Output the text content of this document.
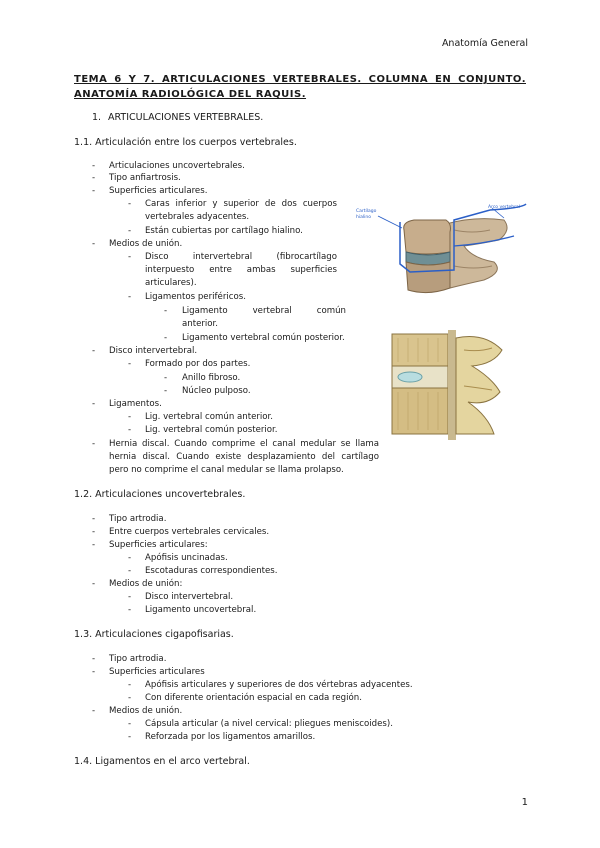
Anatomía General
TEMA 6 Y 7. ARTICULACIONES VERTEBRALES. COLUMNA EN CONJUNTO.
ANATOMÍA RADIOLÓGICA DEL RAQUIS.
1. ARTICULACIONES VERTEBRALES.
1.1. Articulación entre los cuerpos vertebrales.
- Articulaciones uncovertebrales.
- Tipo anfiartrosis.
- Superficies articulares.
- Caras inferior y superior de dos cuerpos
vertebrales adyacentes.
- Están cubiertas por cartílago hialino.
- Medios de unión.
- Disco intervertebral (fibrocartílago
interpuesto entre ambas superficies
articulares).
- Ligamentos periféricos.
- Ligamento vertebral común
anterior.
- Ligamento vertebral común posterior.
- Disco intervertebral.
- Formado por dos partes.
- Anillo fibroso.
- Núcleo pulposo.
- Ligamentos.
- Lig. vertebral común anterior.
- Lig. vertebral común posterior.
- Hernia discal. Cuando comprime el canal medular se llama
hernia discal. Cuando existe desplazamiento del cartílago
pero no comprime el canal medular se llama prolapso.
1.2. Articulaciones uncovertebrales.
- Tipo artrodia.
- Entre cuerpos vertebrales cervicales.
- Superficies articulares:
- Apófisis uncinadas.
- Escotaduras correspondientes.
- Medios de unión:
- Disco intervertebral.
- Ligamento uncovertebral.
1.3. Articulaciones cigapofisarias.
- Tipo artrodia.
- Superficies articulares
- Apófisis articulares y superiores de dos vértebras adyacentes.
- Con diferente orientación espacial en cada región.
- Medios de unión.
- Cápsula articular (a nivel cervical: pliegues meniscoides).
- Reforzada por los ligamentos amarillos.
1.4. Ligamentos en el arco vertebral.
1
Cartílago
hialino
Arco vertebral
